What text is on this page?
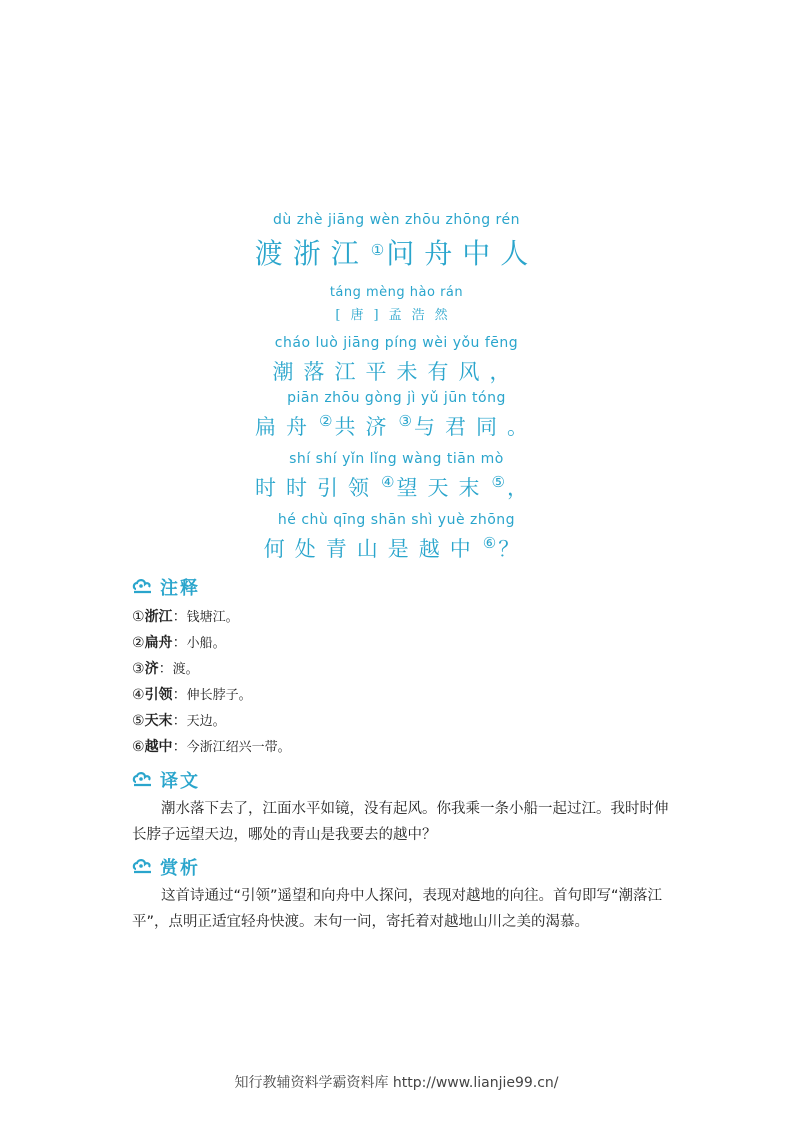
dù zhè jiāng wèn zhōu zhōng rén
渡浙江 ①问舟中人
táng mèng hào rán
[唐]孟浩然
cháo luò jiāng píng wèi yǒu fēng
潮落江平未有风，
piān zhōu gòng jì yǔ jūn tóng
扁舟 ②共济 ③与君同。
shí shí yǐn lǐng wàng tiān mò
时时引领 ④望天末 ⑤，
hé chù qīng shān shì yuè zhōng
何处青山是越中 ⑥？
注释
①浙江：钱塘江。
②扁舟：小船。
③济：渡。
④引领：伸长脖子。
⑤天末：天边。
⑥越中：今浙江绍兴一带。
译文
潮水落下去了，江面水平如镜，没有起风。你我乘一条小船一起过江。我时时伸长脖子远望天边，哪处的青山是我要去的越中？
赏析
这首诗通过“引领”遥望和向舟中人探问，表现对越地的向往。首句即写“潮落江平”，点明正适宜轻舟快渡。末句一问，寄托着对越地山川之美的渴慕。
知行教辅资料学霸资料库 http://www.lianjie99.cn/
